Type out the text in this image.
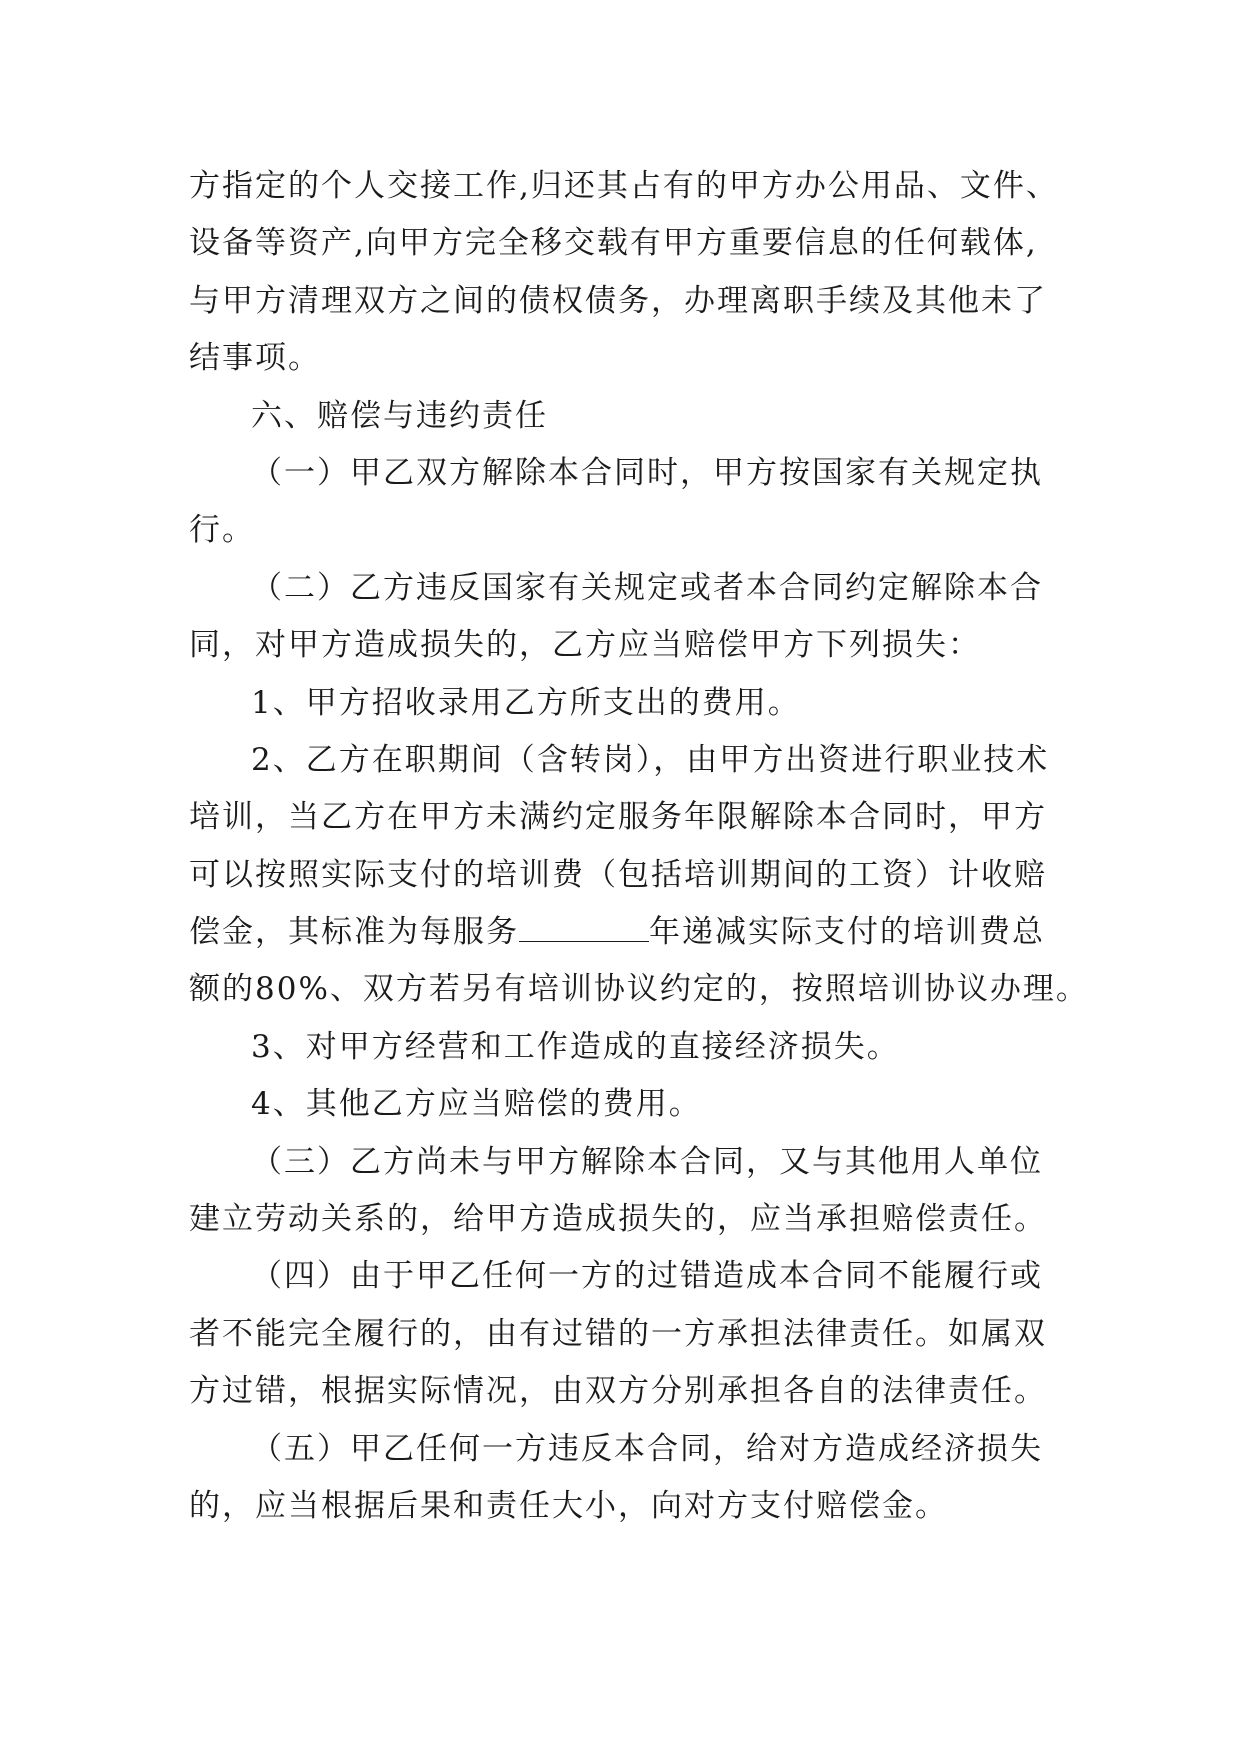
方指定的个人交接工作,归还其占有的甲方办公用品、文件、
设备等资产,向甲方完全移交载有甲方重要信息的任何载体,
与甲方清理双方之间的债权债务，办理离职手续及其他未了
结事项。
六、赔偿与违约责任
（一）甲乙双方解除本合同时，甲方按国家有关规定执
行。
（二）乙方违反国家有关规定或者本合同约定解除本合
同，对甲方造成损失的，乙方应当赔偿甲方下列损失：
1、甲方招收录用乙方所支出的费用。
2、乙方在职期间（含转岗），由甲方出资进行职业技术
培训，当乙方在甲方未满约定服务年限解除本合同时，甲方
可以按照实际支付的培训费（包括培训期间的工资）计收赔
偿金，其标准为每服务	年递减实际支付的培训费总
额的80%、双方若另有培训协议约定的，按照培训协议办理。
3、对甲方经营和工作造成的直接经济损失。
4、其他乙方应当赔偿的费用。
（三）乙方尚未与甲方解除本合同，又与其他用人单位
建立劳动关系的，给甲方造成损失的，应当承担赔偿责任。
（四）由于甲乙任何一方的过错造成本合同不能履行或
者不能完全履行的，由有过错的一方承担法律责任。如属双
方过错，根据实际情况，由双方分别承担各自的法律责任。
（五）甲乙任何一方违反本合同，给对方造成经济损失
的，应当根据后果和责任大小，向对方支付赔偿金。
